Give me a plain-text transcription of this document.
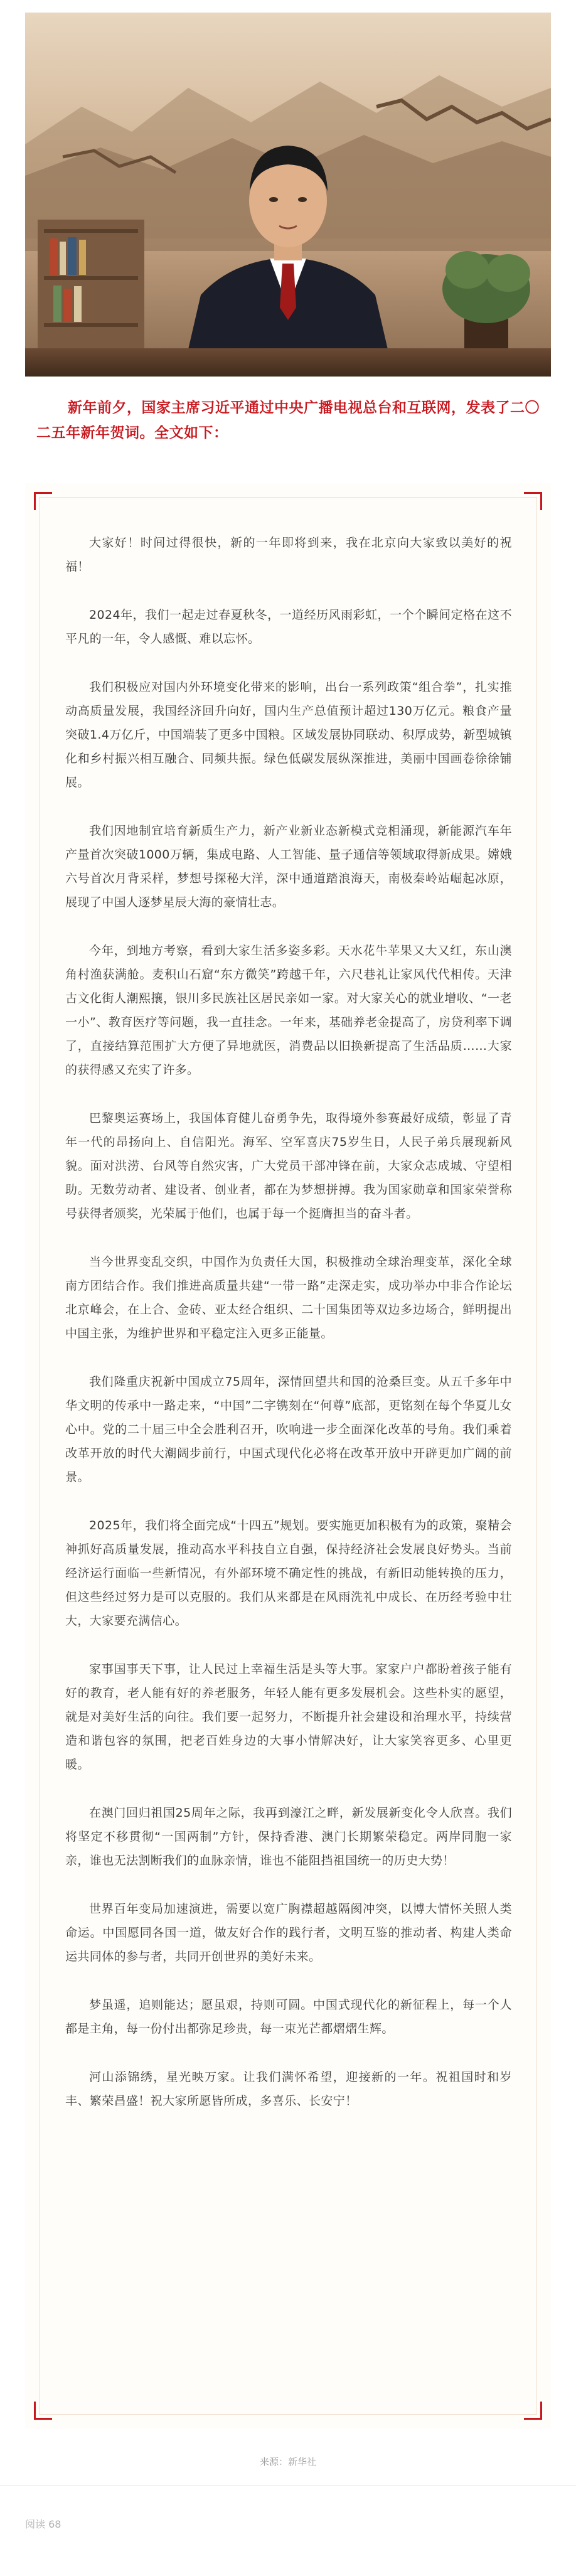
新年前夕，国家主席习近平通过中央广播电视总台和互联网，发表了二〇二五年新年贺词。全文如下：

大家好！时间过得很快，新的一年即将到来，我在北京向大家致以美好的祝福！

2024年，我们一起走过春夏秋冬，一道经历风雨彩虹，一个个瞬间定格在这不平凡的一年，令人感慨、难以忘怀。

我们积极应对国内外环境变化带来的影响，出台一系列政策“组合拳”，扎实推动高质量发展，我国经济回升向好，国内生产总值预计超过130万亿元。粮食产量突破1.4万亿斤，中国端装了更多中国粮。区域发展协同联动、积厚成势，新型城镇化和乡村振兴相互融合、同频共振。绿色低碳发展纵深推进，美丽中国画卷徐徐铺展。

我们因地制宜培育新质生产力，新产业新业态新模式竞相涌现，新能源汽车年产量首次突破1000万辆，集成电路、人工智能、量子通信等领域取得新成果。嫦娥六号首次月背采样，梦想号探秘大洋，深中通道踏浪海天，南极秦岭站崛起冰原，展现了中国人逐梦星辰大海的豪情壮志。

今年，到地方考察，看到大家生活多姿多彩。天水花牛苹果又大又红，东山澳角村渔获满舱。麦积山石窟“东方微笑”跨越千年，六尺巷礼让家风代代相传。天津古文化街人潮熙攘，银川多民族社区居民亲如一家。对大家关心的就业增收、“一老一小”、教育医疗等问题，我一直挂念。一年来，基础养老金提高了，房贷利率下调了，直接结算范围扩大方便了异地就医，消费品以旧换新提高了生活品质……大家的获得感又充实了许多。

巴黎奥运赛场上，我国体育健儿奋勇争先，取得境外参赛最好成绩，彰显了青年一代的昂扬向上、自信阳光。海军、空军喜庆75岁生日，人民子弟兵展现新风貌。面对洪涝、台风等自然灾害，广大党员干部冲锋在前，大家众志成城、守望相助。无数劳动者、建设者、创业者，都在为梦想拼搏。我为国家勋章和国家荣誉称号获得者颁奖，光荣属于他们，也属于每一个挺膺担当的奋斗者。

当今世界变乱交织，中国作为负责任大国，积极推动全球治理变革，深化全球南方团结合作。我们推进高质量共建“一带一路”走深走实，成功举办中非合作论坛北京峰会，在上合、金砖、亚太经合组织、二十国集团等双边多边场合，鲜明提出中国主张，为维护世界和平稳定注入更多正能量。

我们隆重庆祝新中国成立75周年，深情回望共和国的沧桑巨变。从五千多年中华文明的传承中一路走来，“中国”二字镌刻在“何尊”底部，更铭刻在每个华夏儿女心中。党的二十届三中全会胜利召开，吹响进一步全面深化改革的号角。我们乘着改革开放的时代大潮阔步前行，中国式现代化必将在改革开放中开辟更加广阔的前景。

2025年，我们将全面完成“十四五”规划。要实施更加积极有为的政策，聚精会神抓好高质量发展，推动高水平科技自立自强，保持经济社会发展良好势头。当前经济运行面临一些新情况，有外部环境不确定性的挑战，有新旧动能转换的压力，但这些经过努力是可以克服的。我们从来都是在风雨洗礼中成长、在历经考验中壮大，大家要充满信心。

家事国事天下事，让人民过上幸福生活是头等大事。家家户户都盼着孩子能有好的教育，老人能有好的养老服务，年轻人能有更多发展机会。这些朴实的愿望，就是对美好生活的向往。我们要一起努力，不断提升社会建设和治理水平，持续营造和谐包容的氛围，把老百姓身边的大事小情解决好，让大家笑容更多、心里更暖。

在澳门回归祖国25周年之际，我再到濠江之畔，新发展新变化令人欣喜。我们将坚定不移贯彻“一国两制”方针，保持香港、澳门长期繁荣稳定。两岸同胞一家亲，谁也无法割断我们的血脉亲情，谁也不能阻挡祖国统一的历史大势！

世界百年变局加速演进，需要以宽广胸襟超越隔阂冲突，以博大情怀关照人类命运。中国愿同各国一道，做友好合作的践行者，文明互鉴的推动者、构建人类命运共同体的参与者，共同开创世界的美好未来。

梦虽遥，追则能达；愿虽艰，持则可圆。中国式现代化的新征程上，每一个人都是主角，每一份付出都弥足珍贵，每一束光芒都熠熠生辉。

河山添锦绣，星光映万家。让我们满怀希望，迎接新的一年。祝祖国时和岁丰、繁荣昌盛！祝大家所愿皆所成，多喜乐、长安宁！

来源：新华社
阅读 68
